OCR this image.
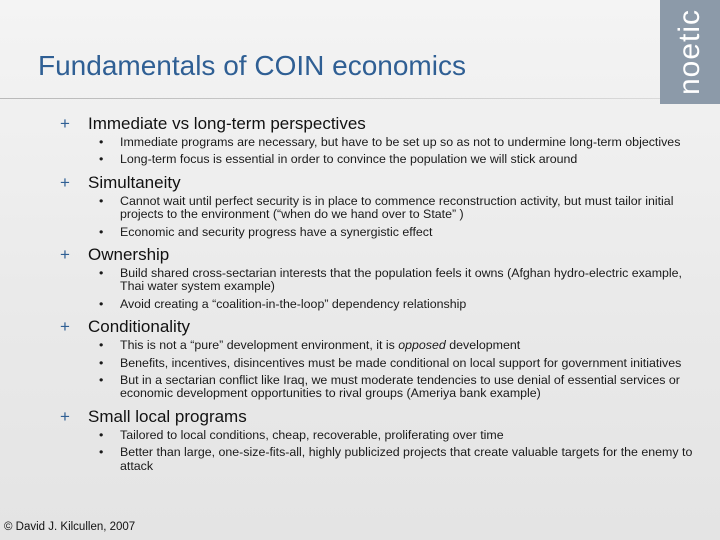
Fundamentals of COIN economics	noetic
+ Immediate vs long-term perspectives
• Immediate programs are necessary, but have to be set up so as not to undermine long-term objectives
• Long-term focus is essential in order to convince the population we will stick around
+ Simultaneity
• Cannot wait until perfect security is in place to commence reconstruction activity, but must tailor initial projects to the environment (“when do we hand over to State” )
• Economic and security progress have a synergistic effect
+ Ownership
• Build shared cross-sectarian interests that the population feels it owns (Afghan hydro-electric example, Thai water system example)
• Avoid creating a “coalition-in-the-loop” dependency relationship
+ Conditionality
• This is not a “pure” development environment, it is opposed development
• Benefits, incentives, disincentives must be made conditional on local support for government initiatives
• But in a sectarian conflict like Iraq, we must moderate tendencies to use denial of essential services or economic development opportunities to rival groups (Ameriya bank example)
+ Small local programs
• Tailored to local conditions, cheap, recoverable, proliferating over time
• Better than large, one-size-fits-all, highly publicized projects that create valuable targets for the enemy to attack
© David J. Kilcullen, 2007
